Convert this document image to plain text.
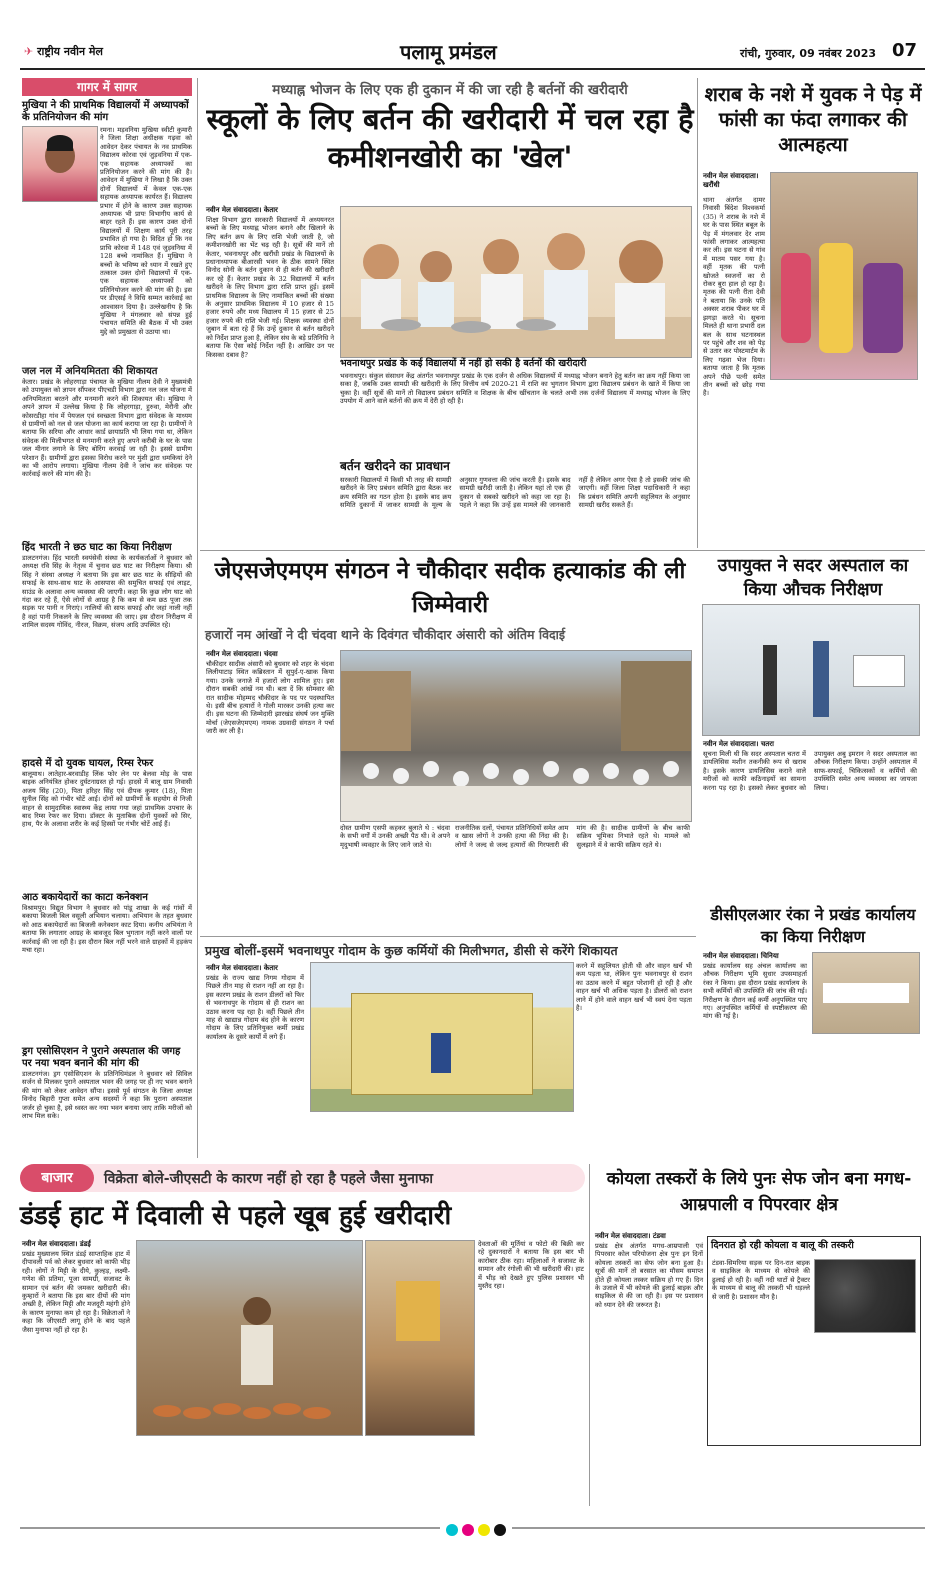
✈ राष्ट्रीय नवीन मेल	पलामू प्रमंडल	रांची, गुरुवार, 09 नवंबर 2023 07
गागर में सागर
मुखिया ने की प्राथमिक विद्यालयों में अध्यापकों के प्रतिनियोजन की मांग
रमना। मड़वनिया मुखिया स्वीटी कुमारी ने जिला शिक्षा अधीक्षक गढ़वा को आवेदन देकर पंचायत के नव प्राथमिक विद्यालय कोरवा एवं जुड़वनिया में एक-एक सहायक अध्यापकों का प्रतिनियोजन करने की मांग की है। आवेदन में मुखिया ने लिखा है कि उक्त दोनों विद्यालयों में केवल एक-एक सहायक अध्यापक कार्यरत हैं। विद्यालय प्रभार में होने के कारण उक्त सहायक अध्यापक भी प्रायः विभागीय कार्य से बाहर रहते हैं। इस कारण उक्त दोनों विद्यालयों में शिक्षण कार्य पूरी तरह प्रभावित हो गया है। विदित हो कि नव प्राथि कोरवा में 148 एवं जुड़वनिया में 128 बच्चे नामांकित हैं। मुखिया ने बच्चों के भविष्य को ध्यान में रखते हुए तत्काल उक्त दोनों विद्यालयों में एक-एक सहायक अध्यापकों को प्रतिनियोजन करने की मांग की है। इस पर डीएसई ने विधि सम्मत कार्रवाई का आश्वासन दिया है। उल्लेखनीय है कि मुखिया ने मंगलवार को संपन्न हुई पंचायत समिति की बैठक में भी उक्त मुद्दे को प्रमुखता से उठाया था।
जल नल में अनियमितता की शिकायत
केतार। प्रखंड के लोहरगाड़ा पंचायत के मुखिया नीलम देवी ने मुख्यमंत्री को उपायुक्त को ज्ञापन सौंपकर पीएचडी विभाग द्वारा नल जल योजना में अनियमितता बरतने और मनमानी करने की शिकायत की। मुखिया ने अपने ज्ञापन में उल्लेख किया है कि लोहरगाड़ा, हुरुवा, मेरौनी और कोसरडीहा गांव में पेयजल एवं स्वच्छता विभाग द्वारा संवेदक के माध्यम से ग्रामीणों को नल से जल योजना का कार्य कराया जा रहा है। ग्रामीणों ने बताया कि सरिया और आधार कार्ड छायाप्रति भी लिया गया था, लेकिन संवेदक की मिलीभगत से मनमानी करते हुए अपने करीबी के घर के पास जल मीनार लगाने के लिए बोरिंग करवाई जा रही है। इससे ग्रामीण परेशान हैं। ग्रामीणों द्वारा इसका विरोध करने पर मुंशी द्वारा धमकियां देने का भी आरोप लगाया। मुखिया नीलम देवी ने जांच कर संवेदक पर कार्रवाई करने की मांग की है।
हिंद भारती ने छठ घाट का किया निरीक्षण
डालटनगंज। हिंद भारती स्वयंसेवी संस्था के कार्यकर्ताओं ने बुधवार को अध्यक्ष रवि सिंह के नेतृत्व में चुनाव छठ घाट का निरीक्षण किया। श्री सिंह ने संस्था अध्यक्ष ने बताया कि इस बार छठ घाट के सीढ़ियों की सफाई के साथ-साथ घाट के आसपास की समुचित सफाई एवं लाइट, साउंड के अलावा अन्य व्यवस्था की जाएगी। कहा कि कुछ लोग घाट को गंदा कर रहे हैं, ऐसे लोगों से आग्रह है कि कम से कम छठ पूजा तक सड़क पर पानी न गिराएं। नालियों की साफ सफाई और जहां नाली नहीं है वहां पानी निकलने के लिए व्यवस्था की जाए। इस दौरान निरीक्षण में शामिल सदस्य गोविंद, नीरज, विक्रम, संजय आदि उपस्थित रहे।
हादसे में दो युवक घायल, रिम्स रेफर
बालूमाथ। लातेहार-बरवाडीह लिंक फोर लेन पर बेलवा मोड़ के पास बाइक अनियंत्रित होकर दुर्घटनाग्रस्त हो गई। हादसे में बालू ग्राम निवासी अजय सिंह (20), पिता हरिहर सिंह एवं दीपक कुमार (18), पिता सुनील सिंह को गंभीर चोटें आईं। दोनों को ग्रामीणों के सहयोग से निजी वाहन से सामुदायिक स्वास्थ्य केंद्र लाया गया जहां प्राथमिक उपचार के बाद रिम्स रेफर कर दिया। डॉक्टर के मुताबिक दोनों युवकों को सिर, हाथ, पैर के अलावा शरीर के कई हिस्सों पर गंभीर चोटें आईं हैं।
आठ बकायेदारों का काटा कनेक्शन
विश्रामपुर। विद्युत विभाग ने बुधवार को पांडू शाखा के कई गांवों में बकाया बिजली बिल वसूली अभियान चलाया। अभियान के तहत बुधवार को आठ बकायेदारों का बिजली कनेक्शन काट दिया। कनीय अभियंता ने बताया कि लगातार आग्रह के बावजूद बिल भुगतान नहीं करने वालों पर कार्रवाई की जा रही है। इस दौरान बिल नहीं भरने वाले ग्राहकों में हड़कंप मचा रहा।
ड्रग एसोसिएशन ने पुराने अस्पताल की जगह पर नया भवन बनाने की मांग की
डालटनगंज। ड्रग एसोसिएशन के प्रतिनिधिमंडल ने बुधवार को सिविल सर्जन से मिलकर पुराने अस्पताल भवन की जगह पर ही नए भवन बनाने की मांग को लेकर आवेदन सौंपा। इससे पूर्व संगठन के जिला अध्यक्ष विनोद बिहारी गुप्ता समेत अन्य सदस्यों ने कहा कि पुराना अस्पताल जर्जर हो चुका है, इसे ध्वस्त कर नया भवन बनाया जाए ताकि मरीजों को लाभ मिल सके।
मध्याह्न भोजन के लिए एक ही दुकान में की जा रही है बर्तनों की खरीदारी
स्कूलों के लिए बर्तन की खरीदारी में चल रहा है कमीशनखोरी का 'खेल'
नवीन मेल संवाददाता। केतार
शिक्षा विभाग द्वारा सरकारी विद्यालयों में अध्ययनरत बच्चों के लिए मध्याह्न भोजन बनाने और खिलाने के लिए बर्तन क्रय के लिए राशि भेजी जाती है, जो कमीशनखोरी का भेंट चढ़ रही है। सूत्रों की मानें तो केतार, भवनाथपुर और खरौंधी प्रखंड के विद्यालयों के प्रधानाध्यापक बीआरसी भवन के ठीक सामने स्थित विनोद सोनी के बर्तन दुकान से ही बर्तन की खरीदारी कर रहे हैं। केतार प्रखंड के 32 विद्यालयों में बर्तन खरीदने के लिए विभाग द्वारा राशि प्राप्त हुई। इसमें प्राथमिक विद्यालय के लिए नामांकित बच्चों की संख्या के अनुसार प्राथमिक विद्यालय में 10 हजार से 15 हजार रुपये और मध्य विद्यालय में 15 हजार से 25 हजार रुपये की राशि भेजी गई। शिक्षक व्यवस्था दोनों जुबान में बता रहे हैं कि उन्हें दुकान से बर्तन खरीदने को निर्देश प्राप्त हुआ है, लेकिन संघ के बड़े प्रतिनिधि ने बताया कि ऐसा कोई निर्देश नहीं है। आखिर उन पर किसका दबाव है?
भवनाथपुर प्रखंड के कई विद्यालयों में नहीं हो सकी है बर्तनों की खरीदारी
भवनाथपुर। संकुल संसाधन केंद्र अंतर्गत भवनाथपुर प्रखंड के एक दर्जन से अधिक विद्यालयों में मध्याह्न भोजन बनाने हेतु बर्तन का क्रय नहीं किया जा सका है, जबकि उक्त सामग्री की खरीदारी के लिए वित्तीय वर्ष 2020-21 में राशि का भुगतान विभाग द्वारा विद्यालय प्रबंधन के खाते में किया जा चुका है। वहीं सूत्रों की मानें तो विद्यालय प्रबंधन समिति व शिक्षक के बीच खींचतान के चलते अभी तक दर्जनों विद्यालय में मध्याह्न भोजन के लिए उपयोग में आने वाले बर्तनों की क्रय में देरी हो रही है।
बर्तन खरीदने का प्रावधान
सरकारी विद्यालयों में किसी भी तरह की सामग्री खरीदने के लिए प्रबंधन समिति द्वारा बैठक कर क्रय समिति का गठन होता है। इसके बाद क्रय समिति दुकानों में जाकर सामग्री के मूल्य के अनुसार गुणवत्ता की जांच करती है। इसके बाद सामग्री खरीदी जाती है। लेकिन यहां तो एक ही दुकान से सबको खरीदने को कहा जा रहा है। पहले ने कहा कि उन्हें इस मामले की जानकारी नहीं है लेकिन अगर ऐसा है तो इसकी जांच की जाएगी। वहीं जिला शिक्षा पदाधिकारी ने कहा कि प्रबंधन समिति अपनी सहूलियत के अनुसार सामग्री खरीद सकते हैं।
शराब के नशे में युवक ने पेड़ में फांसी का फंदा लगाकर की आत्महत्या
नवीन मेल संवाददाता। खरौंधी
थाना अंतर्गत दामर निवासी बिंदेश विश्वकर्मा (35) ने शराब के नशे में घर के पास स्थित बबूल के पेड़ में मंगलवार देर शाम फांसी लगाकर आत्महत्या कर ली। इस घटना से गांव में मातम पसर गया है। वहीं मृतक की पत्नी खोजते स्वजनों का रो रोकर बुरा हाल हो रहा है। मृतक की पत्नी रीता देवी ने बताया कि उनके पति अक्सर शराब पीकर घर में झगड़ा करते थे। सूचना मिलते ही थाना प्रभारी दल बल के साथ घटनास्थल पर पहुंचे और शव को पेड़ से उतार कर पोस्टमार्टम के लिए गढ़वा भेज दिया। बताया जाता है कि मृतक अपने पीछे पत्नी समेत तीन बच्चों को छोड़ गया है।
जेएसजेएमएम संगठन ने चौकीदार सदीक हत्याकांड की ली जिम्मेवारी
हजारों नम आंखों ने दी चंदवा थाने के दिवंगत चौकीदार अंसारी को अंतिम विदाई
नवीन मेल संवाददाता। चंदवा
चौकीदार सादीक अंसारी को बुधवार को शहर के चंदवा लिलीयाटाड़ स्थित कब्रिस्तान में सुपुर्द-ए-खाक किया गया। उनके जनाजे में हजारों लोग शामिल हुए। इस दौरान सबकी आंखें नम थी। बता दें कि सोमवार की रात सादीक मोहम्मद चौकीदार के पद पर पदस्थापित थे। इसी बीच हत्यारों ने गोली मारकर उनकी हत्या कर दी। इस घटना की जिम्मेदारी झारखंड संघर्ष जन मुक्ति मोर्चा (जेएसजेएमएम) नामक उग्रवादी संगठन ने पर्चा जारी कर ली है।
दोस्त ग्रामीण एसपी कहकर बुलाते थे : चंदवा के सभी वर्गों में उनकी अच्छी पैठ थी। वे अपने मृदुभाषी व्यवहार के लिए जाने जाते थे।
राजनीतिक दलों, पंचायत प्रतिनिधियों समेत आम व खास लोगों ने उनकी हत्या की निंदा की है। लोगों ने जल्द से जल्द हत्यारों की गिरफ्तारी की मांग की है। सादीक ग्रामीणों के बीच काफी सक्रिय भूमिका निभाते रहते थे। मामले को सुलझाने में वे काफी सक्रिय रहते थे।
उपायुक्त ने सदर अस्पताल का किया औचक निरीक्षण
नवीन मेल संवाददाता। चतरा
सूचना मिली थी कि सदर अस्पताल चतरा में डायलिसिस मशीन तकनीकी रूप से खराब है। इसके कारण डायलिसिस कराने वाले मरीजों को काफी कठिनाइयों का सामना करना पड़ रहा है। इसको लेकर बुधवार को उपायुक्त अबु इमरान ने सदर अस्पताल का औचक निरीक्षण किया। उन्होंने अस्पताल में साफ-सफाई, चिकित्सकों व कर्मियों की उपस्थिति समेत अन्य व्यवस्था का जायजा लिया।
प्रमुख बोलीं-इसमें भवनाथपुर गोदाम के कुछ कर्मियों की मिलीभगत, डीसी से करेंगे शिकायत
नवीन मेल संवाददाता। केतार
प्रखंड के राज्य खाद्य निगम गोदाम में पिछले तीन माह से राशन नहीं आ रहा है। इस कारण प्रखंड के राशन डीलरों को फिर से भवनाथपुर के गोदाम से ही राशन का उठाव करना पड़ रहा है। वहीं पिछले तीन माह से खाद्यान्न गोदाम बंद होने के कारण गोदाम के लिए प्रतिनियुक्त कर्मी प्रखंड कार्यालय के दूसरे कार्यों में लगे हैं।
करने में सहूलियत होती थी और वाहन खर्च भी कम पड़ता था, लेकिन पुनः भवनाथपुर से राशन का उठाव करने में बहुत परेशानी हो रही है और वाहन खर्च भी अधिक पड़ता है। डीलरों को राशन लाने में होने वाले वाहन खर्च भी स्वयं देना पड़ता है।
डीसीएलआर रंका ने प्रखंड कार्यालय का किया निरीक्षण
नवीन मेल संवाददाता। चिनिया
प्रखंड कार्यालय सह अंचल कार्यालय का औचक निरीक्षण भूमि सुधार उपसमाहर्ता रंका ने किया। इस दौरान प्रखंड कार्यालय के सभी कर्मियों की उपस्थिति की जांच की गई। निरीक्षण के दौरान कई कर्मी अनुपस्थित पाए गए। अनुपस्थित कर्मियों से स्पष्टीकरण की मांग की गई है।
बाजार	विक्रेता बोले-जीएसटी के कारण नहीं हो रहा है पहले जैसा मुनाफा
डंडई हाट में दिवाली से पहले खूब हुई खरीदारी
नवीन मेल संवाददाता। डंडई
प्रखंड मुख्यालय स्थित डंडई साप्ताहिक हाट में दीपावली पर्व को लेकर बुधवार को काफी भीड़ रही। लोगों ने मिट्टी के दीये, कुल्हड़, लक्ष्मी-गणेश की प्रतिमा, पूजा सामग्री, सजावट के सामान एवं बर्तन की जमकर खरीदारी की। कुम्हारों ने बताया कि इस बार दीयों की मांग अच्छी है, लेकिन मिट्टी और मजदूरी महंगी होने के कारण मुनाफा कम हो रहा है। विक्रेताओं ने कहा कि जीएसटी लागू होने के बाद पहले जैसा मुनाफा नहीं हो रहा है।
देवताओं की मूर्तियां व फोटो की बिक्री कर रहे दुकानदारों ने बताया कि इस बार भी कारोबार ठीक रहा। महिलाओं ने सजावट के सामान और रंगोली की भी खरीदारी की। हाट में भीड़ को देखते हुए पुलिस प्रशासन भी मुस्तैद रहा।
कोयला तस्करों के लिये पुनः सेफ जोन बना मगध-आम्रपाली व पिपरवार क्षेत्र
नवीन मेल संवाददाता। टंडवा
प्रखंड क्षेत्र अंतर्गत मगध-आम्रपाली एवं पिपरवार कोल परियोजना क्षेत्र पुनः इन दिनों कोयला तस्करों का सेफ जोन बना हुआ है। सूत्रों की मानें तो बरसात का मौसम समाप्त होते ही कोयला तस्कर सक्रिय हो गए हैं। दिन के उजाले में भी कोयले की ढुलाई बाइक और साइकिल से की जा रही है। इस पर प्रशासन को ध्यान देने की जरूरत है।
दिनरात हो रही कोयला व बालू की तस्करी
टंडवा-सिमरिया सड़क पर दिन-रात बाइक व साइकिल के माध्यम से कोयले की ढुलाई हो रही है। वहीं नदी घाटों से ट्रैक्टर के माध्यम से बालू की तस्करी भी धड़ल्ले से जारी है। प्रशासन मौन है।
